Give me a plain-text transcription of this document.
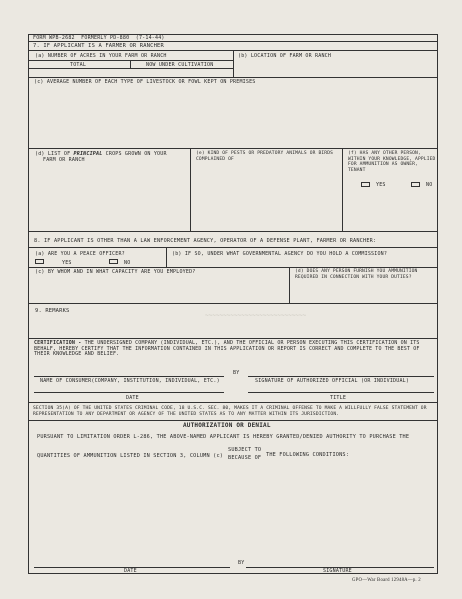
FORM WPB-2682 FORMERLY PD-880 (7-14-44)
7. IF APPLICANT IS A FARMER OR RANCHER
(a) NUMBER OF ACRES IN YOUR FARM OR RANCH	(b) LOCATION OF FARM OR RANCH
TOTAL	NOW UNDER CULTIVATION
(c) AVERAGE NUMBER OF EACH TYPE OF LIVESTOCK OR FOWL KEPT ON PREMISES
(d) LIST OF PRINCIPAL CROPS GROWN ON YOUR
FARM OR RANCH
(e) KIND OF PESTS OR PREDATORY ANIMALS OR BIRDS COMPLAINED OF
(f) HAS ANY OTHER PERSON, WITHIN YOUR KNOWLEDGE, APPLIED FOR AMMUNITION AS OWNER, TENANT
YES	NO
8. IF APPLICANT IS OTHER THAN A LAW ENFORCEMENT AGENCY, OPERATOR OF A DEFENSE PLANT, FARMER OR RANCHER:
(a) ARE YOU A PEACE OFFICER?
YES	NO
(b) IF SO, UNDER WHAT GOVERNMENTAL AGENCY DO YOU HOLD A COMMISSION?
(c) BY WHOM AND IN WHAT CAPACITY ARE YOU EMPLOYED?	(d) DOES ANY PERSON FURNISH YOU AMMUNITION REQUIRED IN CONNECTION WITH YOUR DUTIES?
9. REMARKS
~~~~~~~~~~~~~~~~~~~~~~~~~~~~
CERTIFICATION - THE UNDERSIGNED COMPANY (INDIVIDUAL, ETC.), AND THE OFFICIAL OR PERSON EXECUTING THIS CERTIFICATION ON ITS BEHALF, HEREBY CERTIFY THAT THE INFORMATION CONTAINED IN THIS APPLICATION OR REPORT IS CORRECT AND COMPLETE TO THE BEST OF THEIR KNOWLEDGE AND BELIEF.
BY
NAME OF CONSUMER(COMPANY, INSTITUTION, INDIVIDUAL, ETC.)	SIGNATURE OF AUTHORIZED OFFICIAL (OR INDIVIDUAL)
DATE	TITLE
SECTION 35(A) OF THE UNITED STATES CRIMINAL CODE, 18 U.S.C. SEC. 80, MAKES IT A CRIMINAL OFFENSE TO MAKE A WILLFULLY FALSE STATEMENT OR REPRESENTATION TO ANY DEPARTMENT OR AGENCY OF THE UNITED STATES AS TO ANY MATTER WITHIN ITS JURISDICTION.
AUTHORIZATION OR DENIAL
PURSUANT TO LIMITATION ORDER L-286, THE ABOVE-NAMED APPLICANT IS HEREBY GRANTED/DENIED AUTHORITY TO PURCHASE THE
QUANTITIES OF AMMUNITION LISTED IN SECTION 3, COLUMN (c)
SUBJECT TO
BECAUSE OF THE FOLLOWING CONDITIONS:
BY
DATE	SIGNATURE
GPO—War Board 12948A—p. 2
